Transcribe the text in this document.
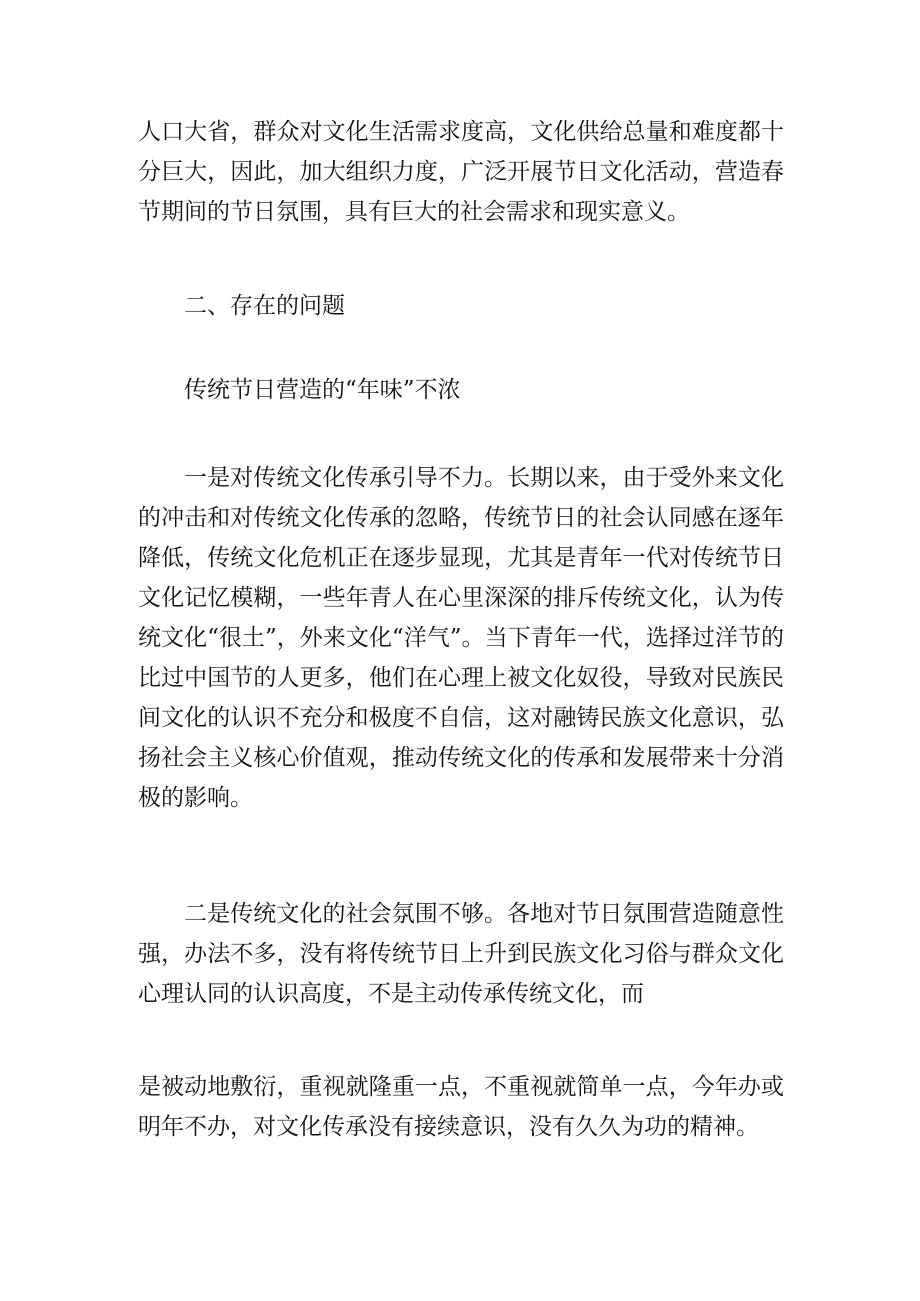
人口大省，群众对文化生活需求度高，文化供给总量和难度都十分巨大，因此，加大组织力度，广泛开展节日文化活动，营造春节期间的节日氛围，具有巨大的社会需求和现实意义。

二、存在的问题

传统节日营造的“年味”不浓

一是对传统文化传承引导不力。长期以来，由于受外来文化的冲击和对传统文化传承的忽略，传统节日的社会认同感在逐年降低，传统文化危机正在逐步显现，尤其是青年一代对传统节日文化记忆模糊，一些年青人在心里深深的排斥传统文化，认为传统文化“很土”，外来文化“洋气”。当下青年一代，选择过洋节的比过中国节的人更多，他们在心理上被文化奴役，导致对民族民间文化的认识不充分和极度不自信，这对融铸民族文化意识，弘扬社会主义核心价值观，推动传统文化的传承和发展带来十分消极的影响。

二是传统文化的社会氛围不够。各地对节日氛围营造随意性强，办法不多，没有将传统节日上升到民族文化习俗与群众文化心理认同的认识高度，不是主动传承传统文化，而

是被动地敷衍，重视就隆重一点，不重视就简单一点，今年办或明年不办，对文化传承没有接续意识，没有久久为功的精神。
